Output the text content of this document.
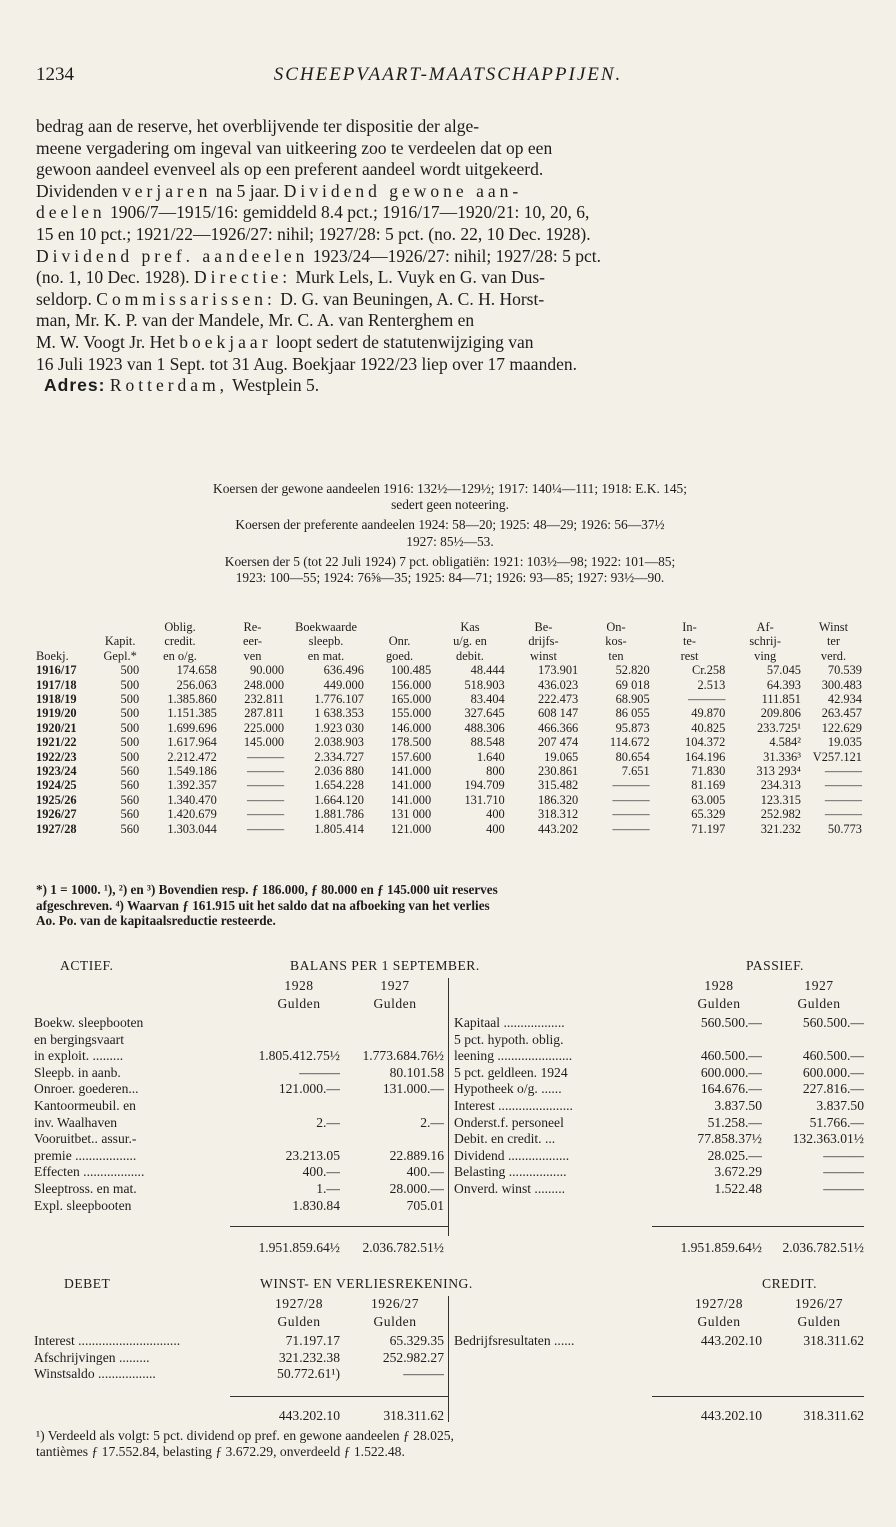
1234	SCHEEPVAART-MAATSCHAPPIJEN.

bedrag aan de reserve, het overblijvende ter dispositie der alge-

meene vergadering om ingeval van uitkeering zoo te verdeelen dat op een

gewoon aandeel evenveel als op een preferent aandeel wordt uitgekeerd.

Dividenden verjaren na 5 jaar. Dividend gewone aan-

deelen 1906/7—1915/16: gemiddeld 8.4 pct.; 1916/17—1920/21: 10, 20, 6,

15 en 10 pct.; 1921/22—1926/27: nihil; 1927/28: 5 pct. (no. 22, 10 Dec. 1928).

Dividend pref. aandeelen 1923/24—1926/27: nihil; 1927/28: 5 pct.

(no. 1, 10 Dec. 1928). Directie: Murk Lels, L. Vuyk en G. van Dus-

seldorp. Commissarissen: D. G. van Beuningen, A. C. H. Horst-

man, Mr. K. P. van der Mandele, Mr. C. A. van Renterghem en

M. W. Voogt Jr. Het boekjaar loopt sedert de statutenwijziging van

16 Juli 1923 van 1 Sept. tot 31 Aug. Boekjaar 1922/23 liep over 17 maanden.

Adres: Rotterdam, Westplein 5.

Koersen der gewone aandeelen 1916: 132½—129½; 1917: 140¼—111; 1918: E.K. 145;

sedert geen noteering.

Koersen der preferente aandeelen 1924: 58—20; 1925: 48—29; 1926: 56—37½

1927: 85½—53.

Koersen der 5 (tot 22 Juli 1924) 7 pct. obligatiën: 1921: 103½—98; 1922: 101—85;

1923: 100—55; 1924: 76⅝—35; 1925: 84—71; 1926: 93—85; 1927: 93½—90.

		Oblig.	Re-	Boekwaarde		Kas	Be-	On-	In-	Af-	Winst
	Kapit.	credit.	eer-	sleepb.	Onr.	u/g. en	drijfs-	kos-	te-	schrij-	ter
Boekj.	Gepl.*	en o/g.	ven	en mat.	goed.	debit.	winst	ten	rest	ving	verd.
1916/17	500	174.658	90.000	636.496	100.485	48.444	173.901	52.820	Cr.258	57.045	70.539
1917/18	500	256.063	248.000	449.000	156.000	518.903	436.023	69 018	2.513	64.393	300.483
1918/19	500	1.385.860	232.811	1.776.107	165.000	83.404	222.473	68.905	———	111.851	42.934
1919/20	500	1.151.385	287.811	1 638.353	155.000	327.645	608 147	86 055	49.870	209.806	263.457
1920/21	500	1.699.696	225.000	1.923 030	146.000	488.306	466.366	95.873	40.825	233.725¹	122.629
1921/22	500	1.617.964	145.000	2.038.903	178.500	88.548	207 474	114.672	104.372	4.584²	19.035
1922/23	500	2.212.472	———	2.334.727	157.600	1.640	19.065	80.654	164.196	31.336³	V257.121
1923/24	560	1.549.186	———	2.036 880	141.000	800	230.861	7.651	71.830	313 293⁴	———
1924/25	560	1.392.357	———	1.654.228	141.000	194.709	315.482	———	81.169	234.313	———
1925/26	560	1.340.470	———	1.664.120	141.000	131.710	186.320	———	63.005	123.315	———
1926/27	560	1.420.679	———	1.881.786	131 000	400	318.312	———	65.329	252.982	———
1927/28	560	1.303.044	———	1.805.414	121.000	400	443.202	———	71.197	321.232	50.773

*) 1 = 1000. ¹), ²) en ³) Bovendien resp. ƒ 186.000, ƒ 80.000 en ƒ 145.000 uit reserves

afgeschreven. ⁴) Waarvan ƒ 161.915 uit het saldo dat na afboeking van het verlies

Ao. Po. van de kapitaalsreductie resteerde.

ACTIEF.	BALANS PER 1 SEPTEMBER.	PASSIEF.
1928	1927	1928	1927
Gulden	Gulden	Gulden	Gulden
Boekw. sleepbooten
en bergingsvaart
in exploit. .........	1.805.412.75½	1.773.684.76½
Sleepb. in aanb.	———	80.101.58
Onroer. goederen...	121.000.—	131.000.—
Kantoormeubil. en
inv. Waalhaven	2.—	2.—
Vooruitbet.. assur.-
premie ..................	23.213.05	22.889.16
Effecten ..................	400.—	400.—
Sleeptross. en mat.	1.—	28.000.—
Expl. sleepbooten	1.830.84	705.01
Kapitaal ..................	560.500.—	560.500.—
5 pct. hypoth. oblig.
leening ......................	460.500.—	460.500.—
5 pct. geldleen. 1924	600.000.—	600.000.—
Hypotheek o/g. ......	164.676.—	227.816.—
Interest ......................	3.837.50	3.837.50
Onderst.f. personeel	51.258.—	51.766.—
Debit. en credit. ...	77.858.37½	132.363.01½
Dividend ..................	28.025.—	———
Belasting .................	3.672.29	———
Onverd. winst .........	1.522.48	———
1.951.859.64½	2.036.782.51½	1.951.859.64½	2.036.782.51½
DEBET	WINST- EN VERLIESREKENING.	CREDIT.
1927/28	1926/27	1927/28	1926/27
Gulden	Gulden	Gulden	Gulden
Interest ..............................	71.197.17	65.329.35
Afschrijvingen .........	321.232.38	252.982.27
Winstsaldo .................	50.772.61¹)	———
Bedrijfsresultaten ......	443.202.10	318.311.62
443.202.10	318.311.62	443.202.10	318.311.62
¹) Verdeeld als volgt: 5 pct. dividend op pref. en gewone aandeelen ƒ 28.025,
tantièmes ƒ 17.552.84, belasting ƒ 3.672.29, onverdeeld ƒ 1.522.48.
